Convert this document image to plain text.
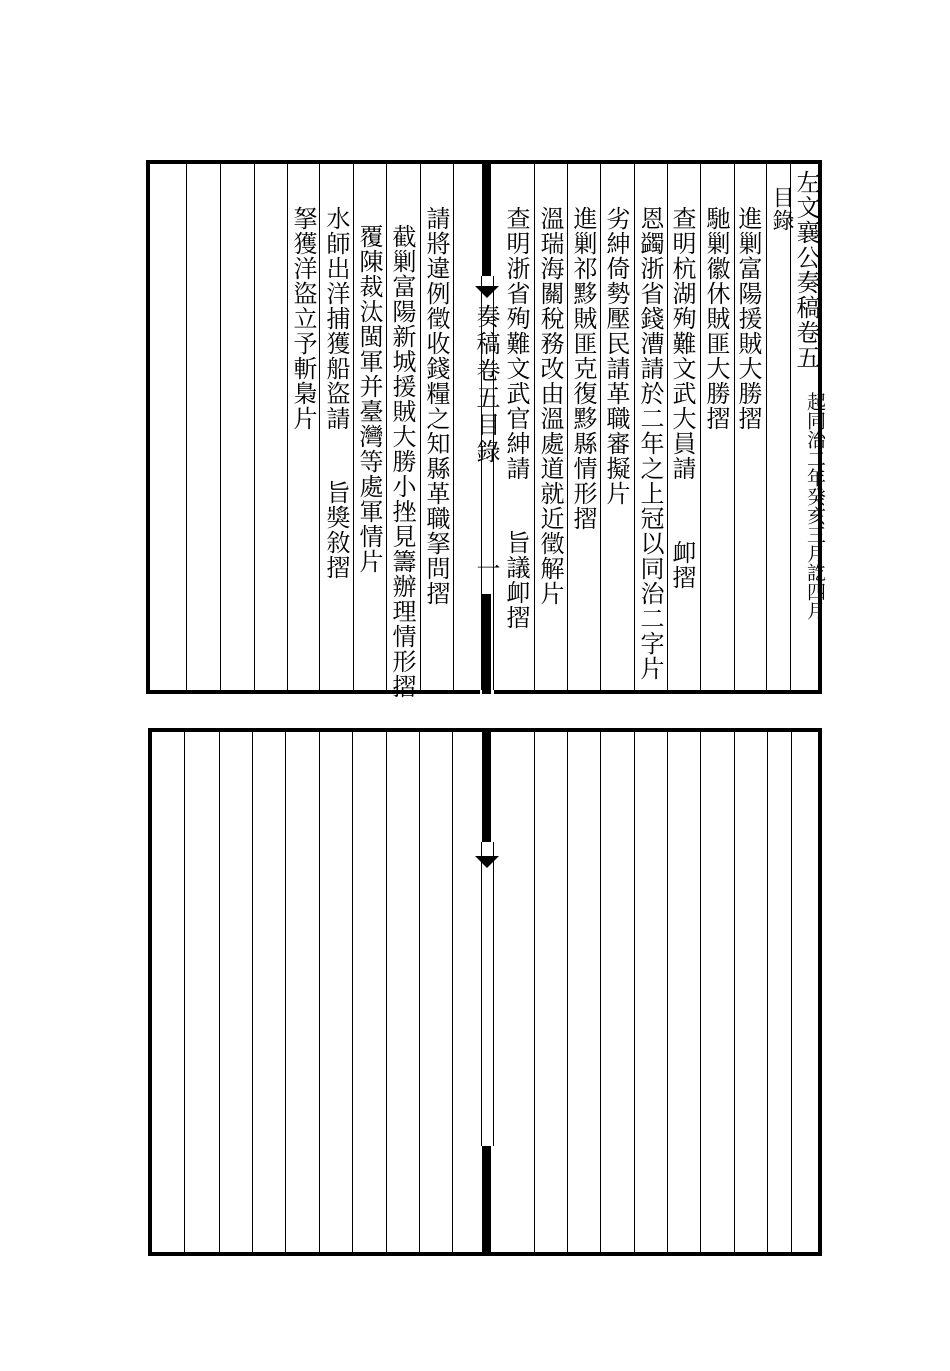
奏稿卷五目錄
一
左文襄公奏稿卷五
起同治二年癸亥三月訖四月
目錄
進剿富陽援賊大勝摺
馳剿徽休賊匪大勝摺
查明杭湖殉難文武大員請 卹摺
恩蠲浙省錢漕請於二年之上冠以同治二字片
劣紳倚勢壓民請革職審擬片
進剿祁黟賊匪克復黟縣情形摺
溫瑞海關稅務改由溫處道就近徵解片
查明浙省殉難文武官紳請 旨議卹摺
請將違例徵收錢糧之知縣革職拏問摺
截剿富陽新城援賊大勝小挫見籌辦理情形摺
覆陳裁汰閩軍并臺灣等處軍情片
水師出洋捕獲船盜請 旨獎敘摺
拏獲洋盜立予斬梟片
